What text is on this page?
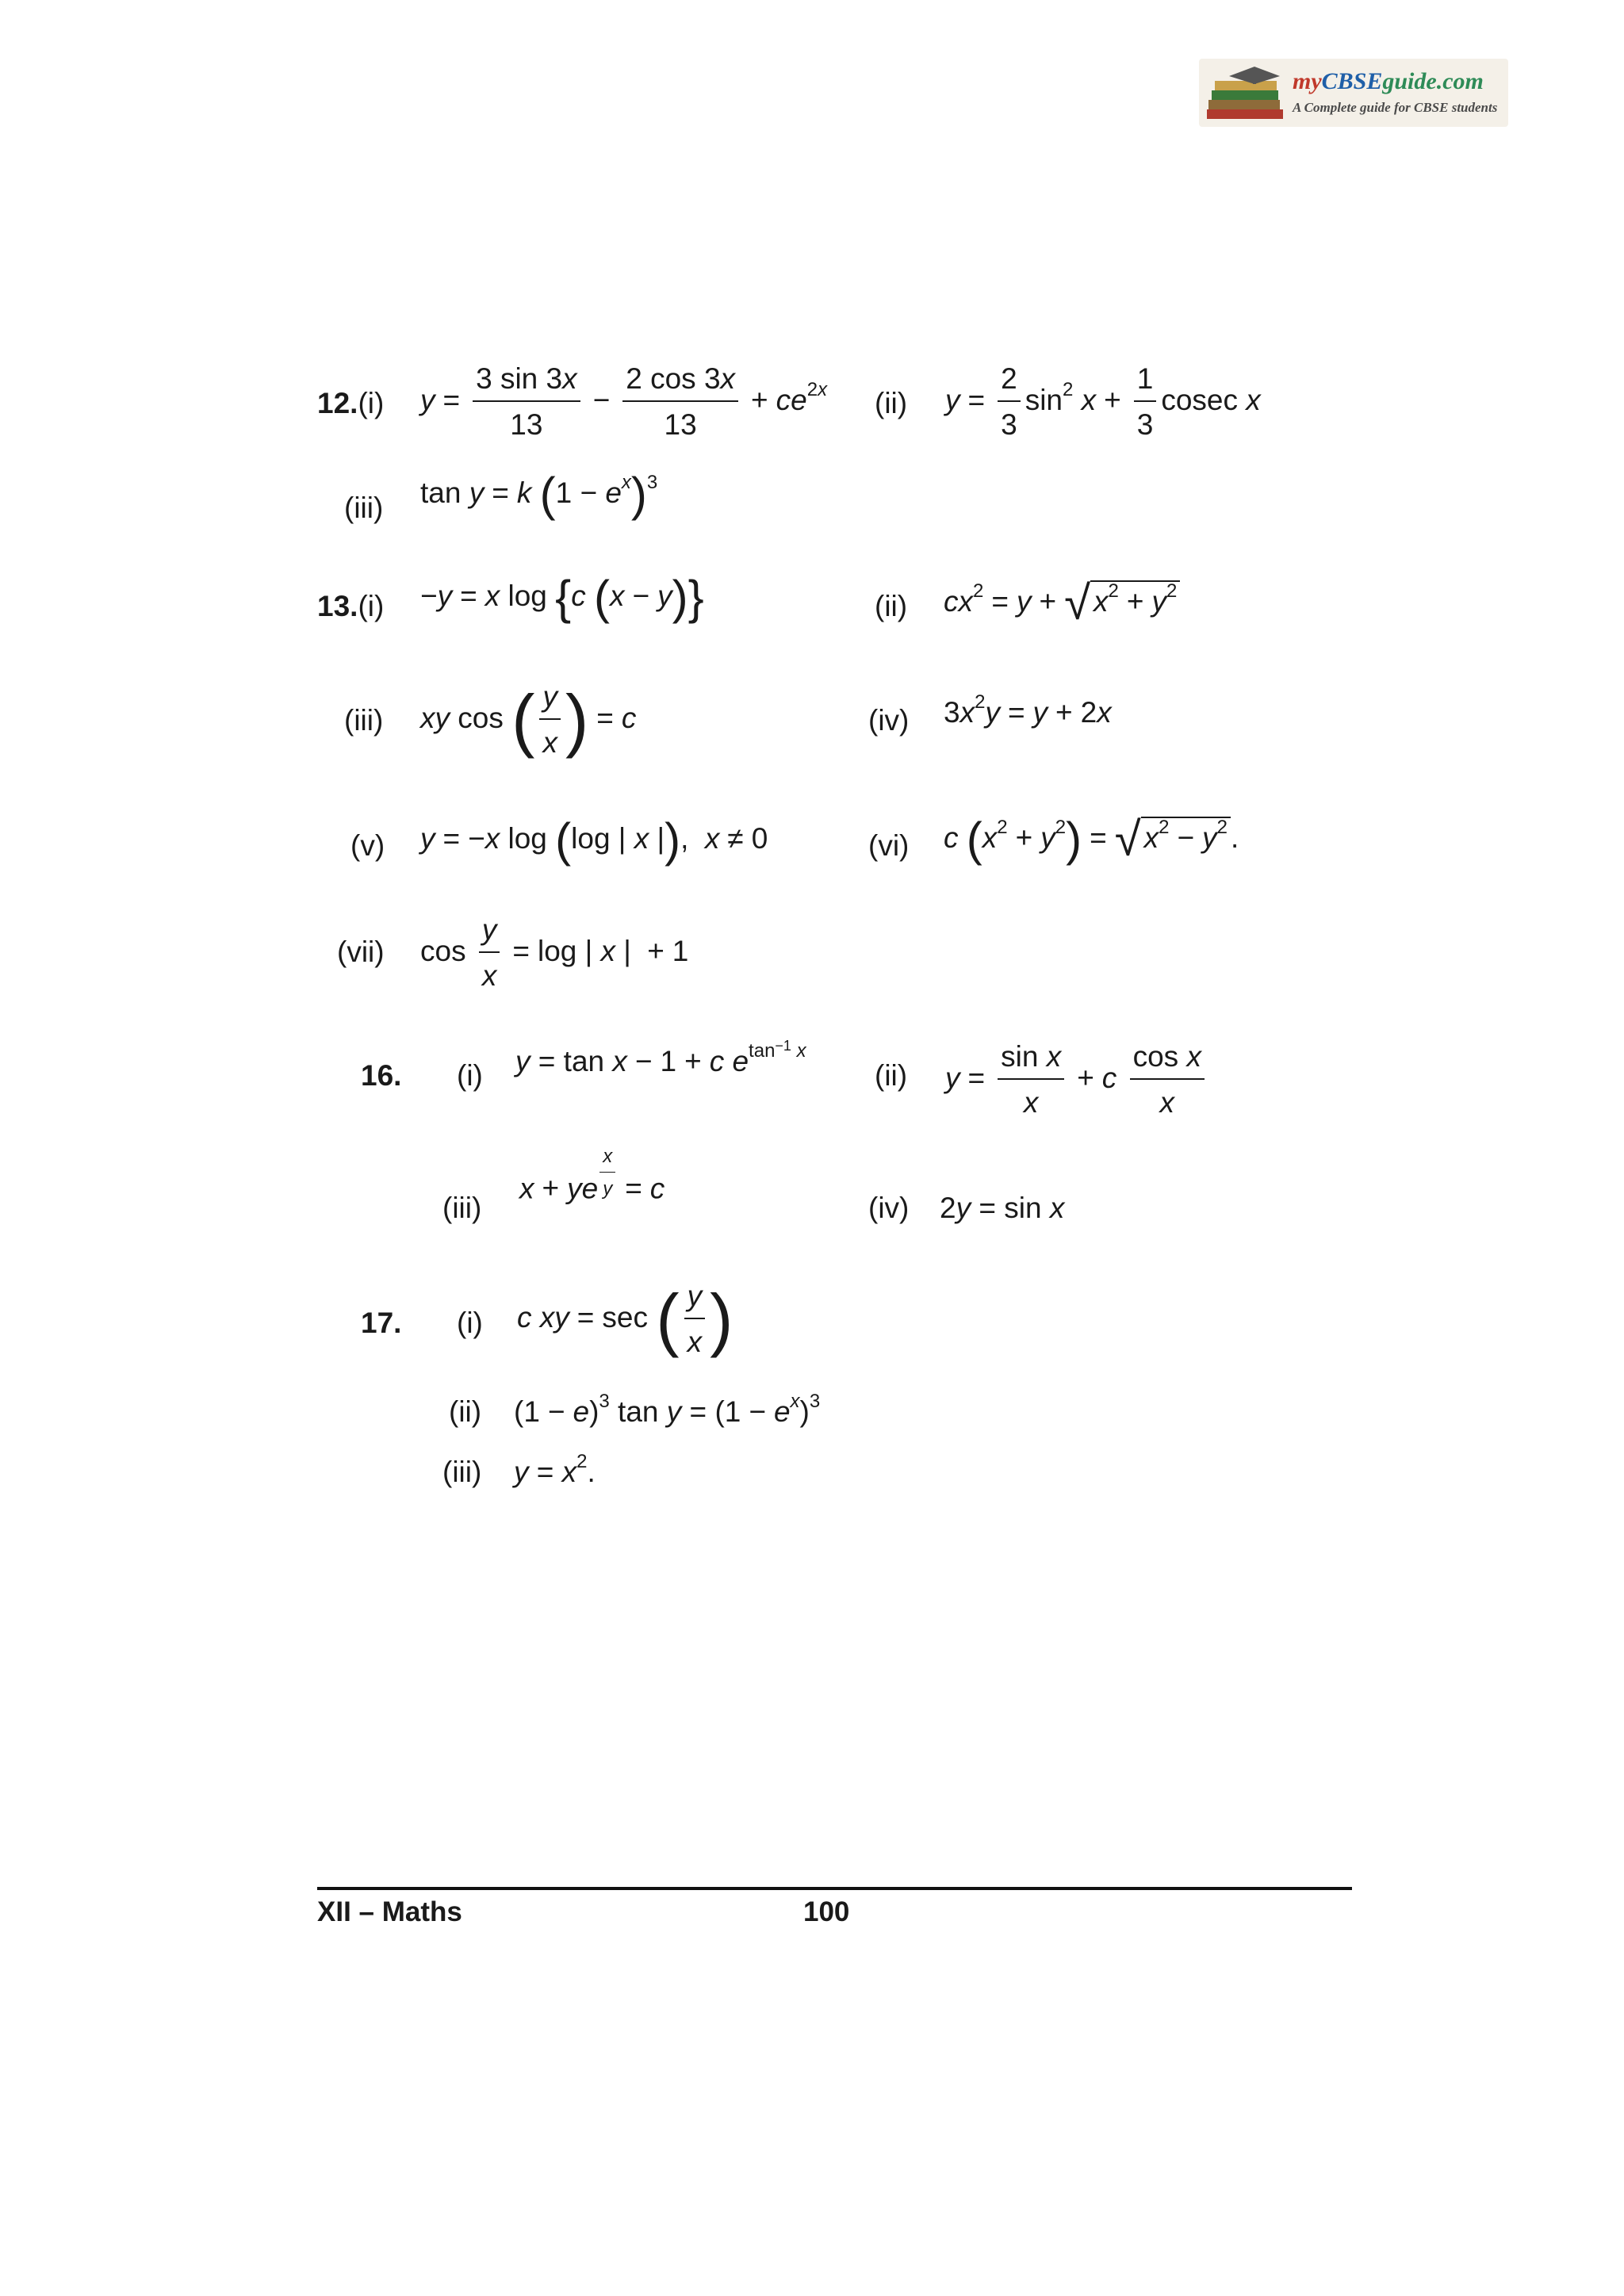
myCBSEguide.com
A Complete guide for CBSE students
12.(i) $y = \frac{3 \sin 3x}{13} - \frac{2 \cos 3x}{13} + ce^{2x}$ (ii) $y = \frac{2}{3} \sin^2 x + \frac{1}{3}$ cosec x
(iii) tan y = k $(1 - e^x)^3$
13.(i) −y = x log {c (x − y)}	(ii) $cx^2 = y$ + √ $x^2 + y^2$
(iii) xy cos ( $\frac{y}{x}$ ) = c	(iv) $3x^2y = y + 2x$
(v) y = −x log (log | x |),  x ≠ 0	(vi) c $(x^2 + y^2)$ = √ $x^2 - y^2$ .
(vii) $\cos \frac{y}{x} = \log$ | x | + 1
16. (i) y = tan x − 1 + c $e^{tan^{-1} x}$
(ii) $y = \frac{\text{sin x}}{x} + c \frac{\text{cos x}}{x}$
(iii)
x + ye $\frac{x}{y} = c$
(iv) 2y = sin x
17. (i) c xy = sec ( $\frac{y}{x}$ )
(ii) $(1 - e)^3$ $\tan y = (1 - e^x)^3$
(iii) $y = x^2$.
XII – Maths	100
